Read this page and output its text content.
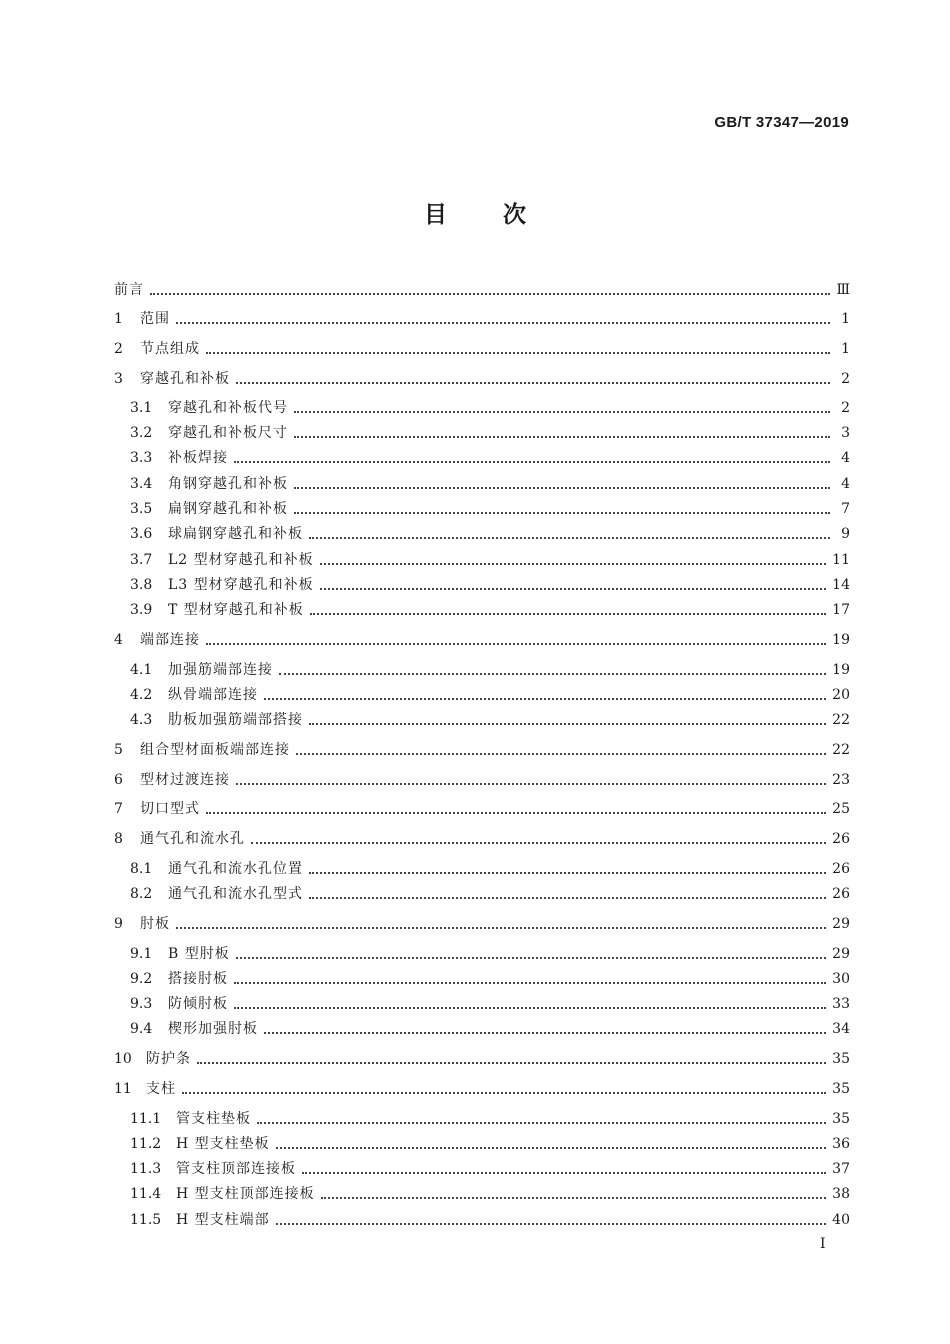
GB/T 37347—2019
目 次
前言	Ⅲ
1	范围	1
2	节点组成	1
3	穿越孔和补板	2
3.1	穿越孔和补板代号	2
3.2	穿越孔和补板尺寸	3
3.3	补板焊接	4
3.4	角钢穿越孔和补板	4
3.5	扁钢穿越孔和补板	7
3.6	球扁钢穿越孔和补板	9
3.7	L2 型材穿越孔和补板	11
3.8	L3 型材穿越孔和补板	14
3.9	T 型材穿越孔和补板	17
4	端部连接	19
4.1	加强筋端部连接	19
4.2	纵骨端部连接	20
4.3	肋板加强筋端部搭接	22
5	组合型材面板端部连接	22
6	型材过渡连接	23
7	切口型式	25
8	通气孔和流水孔	26
8.1	通气孔和流水孔位置	26
8.2	通气孔和流水孔型式	26
9	肘板	29
9.1	B 型肘板	29
9.2	搭接肘板	30
9.3	防倾肘板	33
9.4	楔形加强肘板	34
10	防护条	35
11	支柱	35
11.1	管支柱垫板	35
11.2	H 型支柱垫板	36
11.3	管支柱顶部连接板	37
11.4	H 型支柱顶部连接板	38
11.5	H 型支柱端部	40
I
